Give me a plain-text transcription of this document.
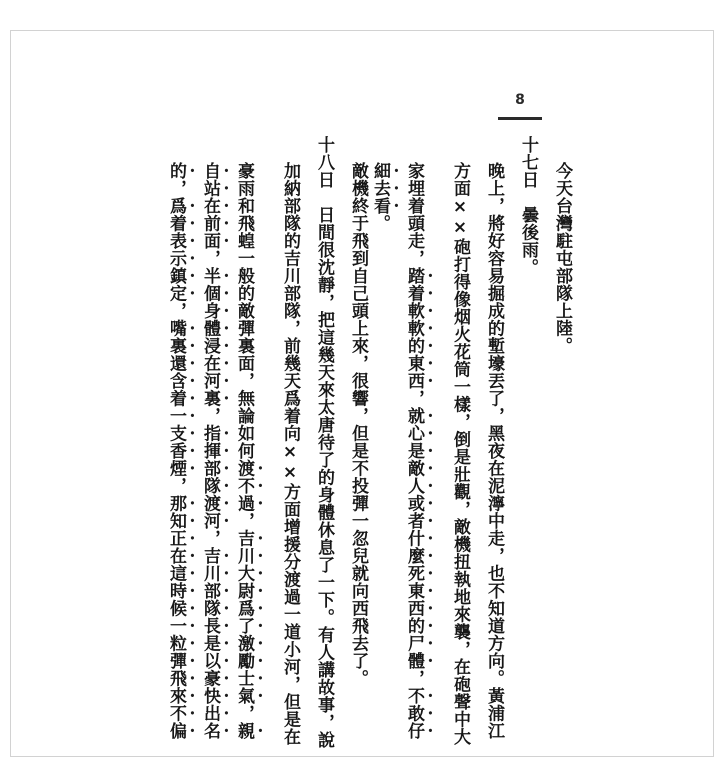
8
今天台灣駐屯部隊上陸。
十七日　曇後雨。
晚上，將好容易掘成的塹壕丟了，黑夜在泥濘中走，也不知道方向。黃浦江
方面××砲打得像烟火花筒一樣，倒是壯觀，敵機扭執地來襲，在砲聲中大
家埋着頭走，踏着軟軟的東西，就心是敵人或者什麼死東西的尸體，不敢仔
細去看。
敵機終于飛到自己頭上來，很響，但是不投彈一忽兒就向西飛去了。
十八日　日間很沈靜，把這幾天來太唐待了的身體休息了一下。有人講故事，說
加納部隊的吉川部隊，前幾天爲着向××方面增援分渡過一道小河，但是在
豪雨和飛蝗一般的敵彈裏面，無論如何渡不過，吉川大尉爲了激勵士氣，親
自站在前面，半個身體浸在河裏，指揮部隊渡河，吉川部隊長是以豪快出名
的，爲着表示鎮定，嘴裏還含着一支香煙，那知正在這時候一粒彈飛來不偏
